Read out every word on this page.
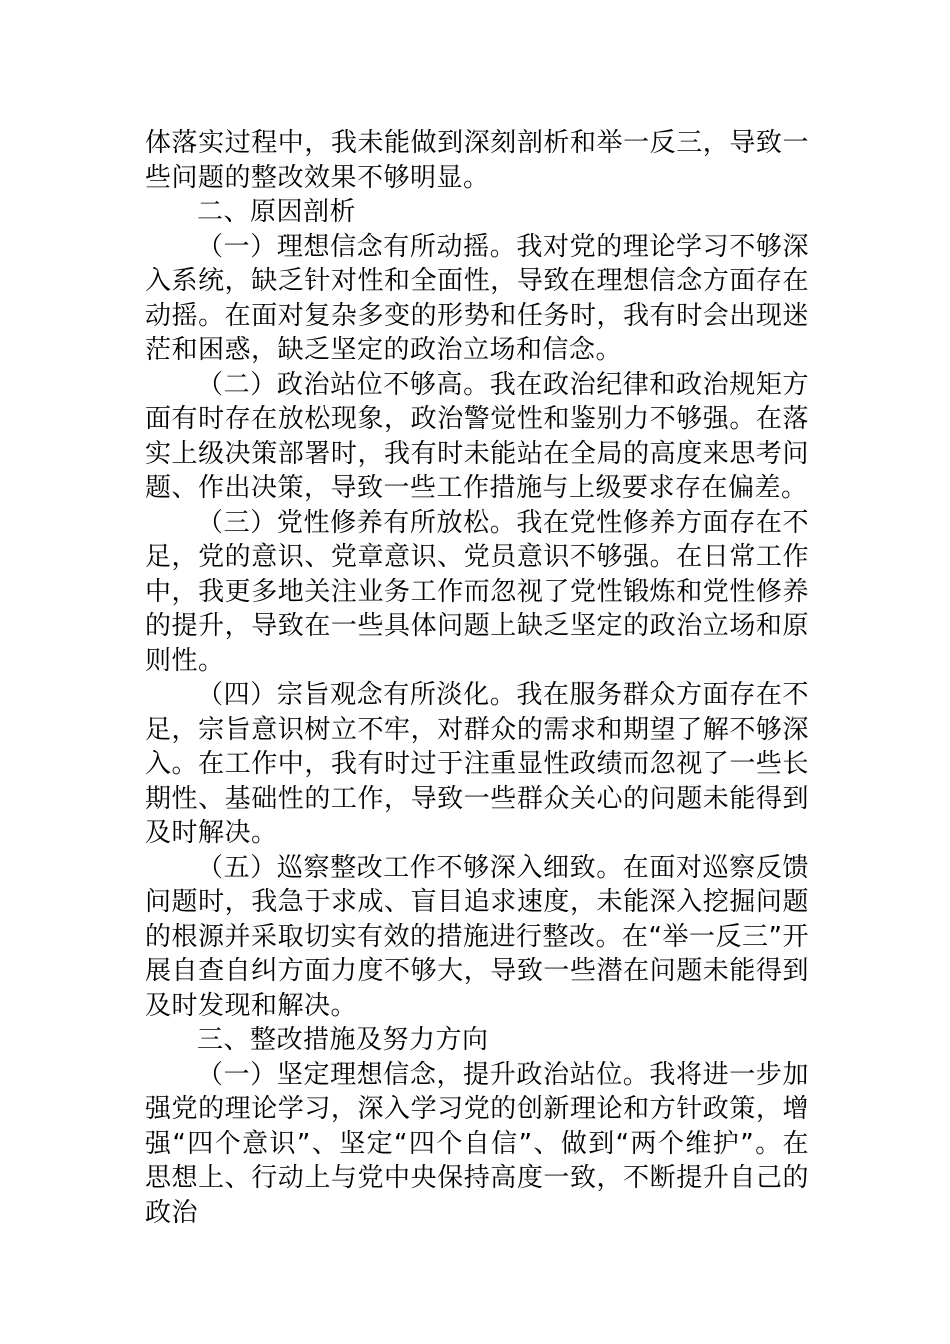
体落实过程中，我未能做到深刻剖析和举一反三，导致一些问题的整改效果不够明显。

二、原因剖析

（一）理想信念有所动摇。我对党的理论学习不够深入系统，缺乏针对性和全面性，导致在理想信念方面存在动摇。在面对复杂多变的形势和任务时，我有时会出现迷茫和困惑，缺乏坚定的政治立场和信念。

（二）政治站位不够高。我在政治纪律和政治规矩方面有时存在放松现象，政治警觉性和鉴别力不够强。在落实上级决策部署时，我有时未能站在全局的高度来思考问题、作出决策，导致一些工作措施与上级要求存在偏差。

（三）党性修养有所放松。我在党性修养方面存在不足，党的意识、党章意识、党员意识不够强。在日常工作中，我更多地关注业务工作而忽视了党性锻炼和党性修养的提升，导致在一些具体问题上缺乏坚定的政治立场和原则性。

（四）宗旨观念有所淡化。我在服务群众方面存在不足，宗旨意识树立不牢，对群众的需求和期望了解不够深入。在工作中，我有时过于注重显性政绩而忽视了一些长期性、基础性的工作，导致一些群众关心的问题未能得到及时解决。

（五）巡察整改工作不够深入细致。在面对巡察反馈问题时，我急于求成、盲目追求速度，未能深入挖掘问题的根源并采取切实有效的措施进行整改。在“举一反三”开展自查自纠方面力度不够大，导致一些潜在问题未能得到及时发现和解决。

三、整改措施及努力方向

（一）坚定理想信念，提升政治站位。我将进一步加强党的理论学习，深入学习党的创新理论和方针政策，增强“四个意识”、坚定“四个自信”、做到“两个维护”。在思想上、行动上与党中央保持高度一致，不断提升自己的政治
